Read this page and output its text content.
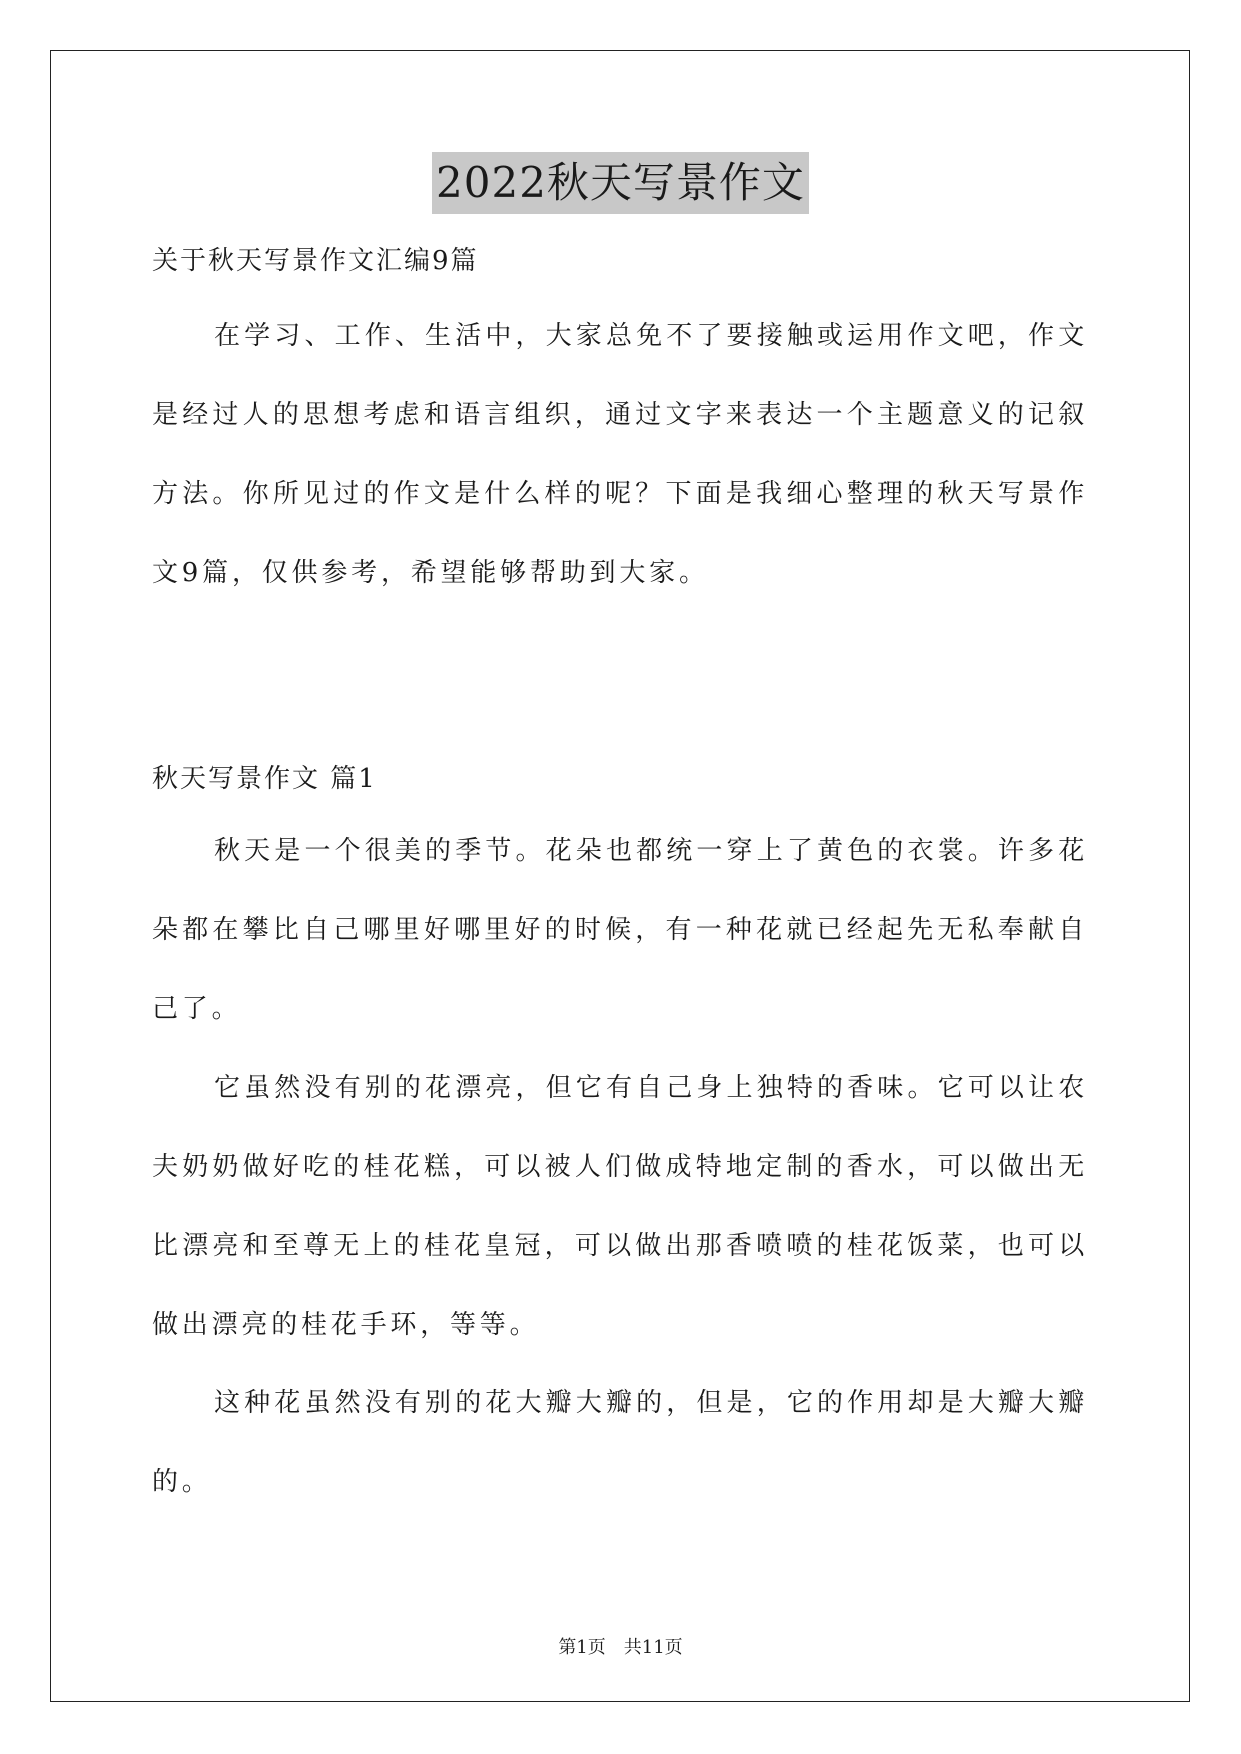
2022秋天写景作文
关于秋天写景作文汇编9篇

在学习、工作、生活中，大家总免不了要接触或运用作文吧，作文是经过人的思想考虑和语言组织，通过文字来表达一个主题意义的记叙方法。你所见过的作文是什么样的呢？下面是我细心整理的秋天写景作文9篇，仅供参考，希望能够帮助到大家。

秋天写景作文 篇1

秋天是一个很美的季节。花朵也都统一穿上了黄色的衣裳。许多花朵都在攀比自己哪里好哪里好的时候，有一种花就已经起先无私奉献自己了。

它虽然没有别的花漂亮，但它有自己身上独特的香味。它可以让农夫奶奶做好吃的桂花糕，可以被人们做成特地定制的香水，可以做出无比漂亮和至尊无上的桂花皇冠，可以做出那香喷喷的桂花饭菜，也可以做出漂亮的桂花手环，等等。

这种花虽然没有别的花大瓣大瓣的，但是，它的作用却是大瓣大瓣的。

第1页　共11页
